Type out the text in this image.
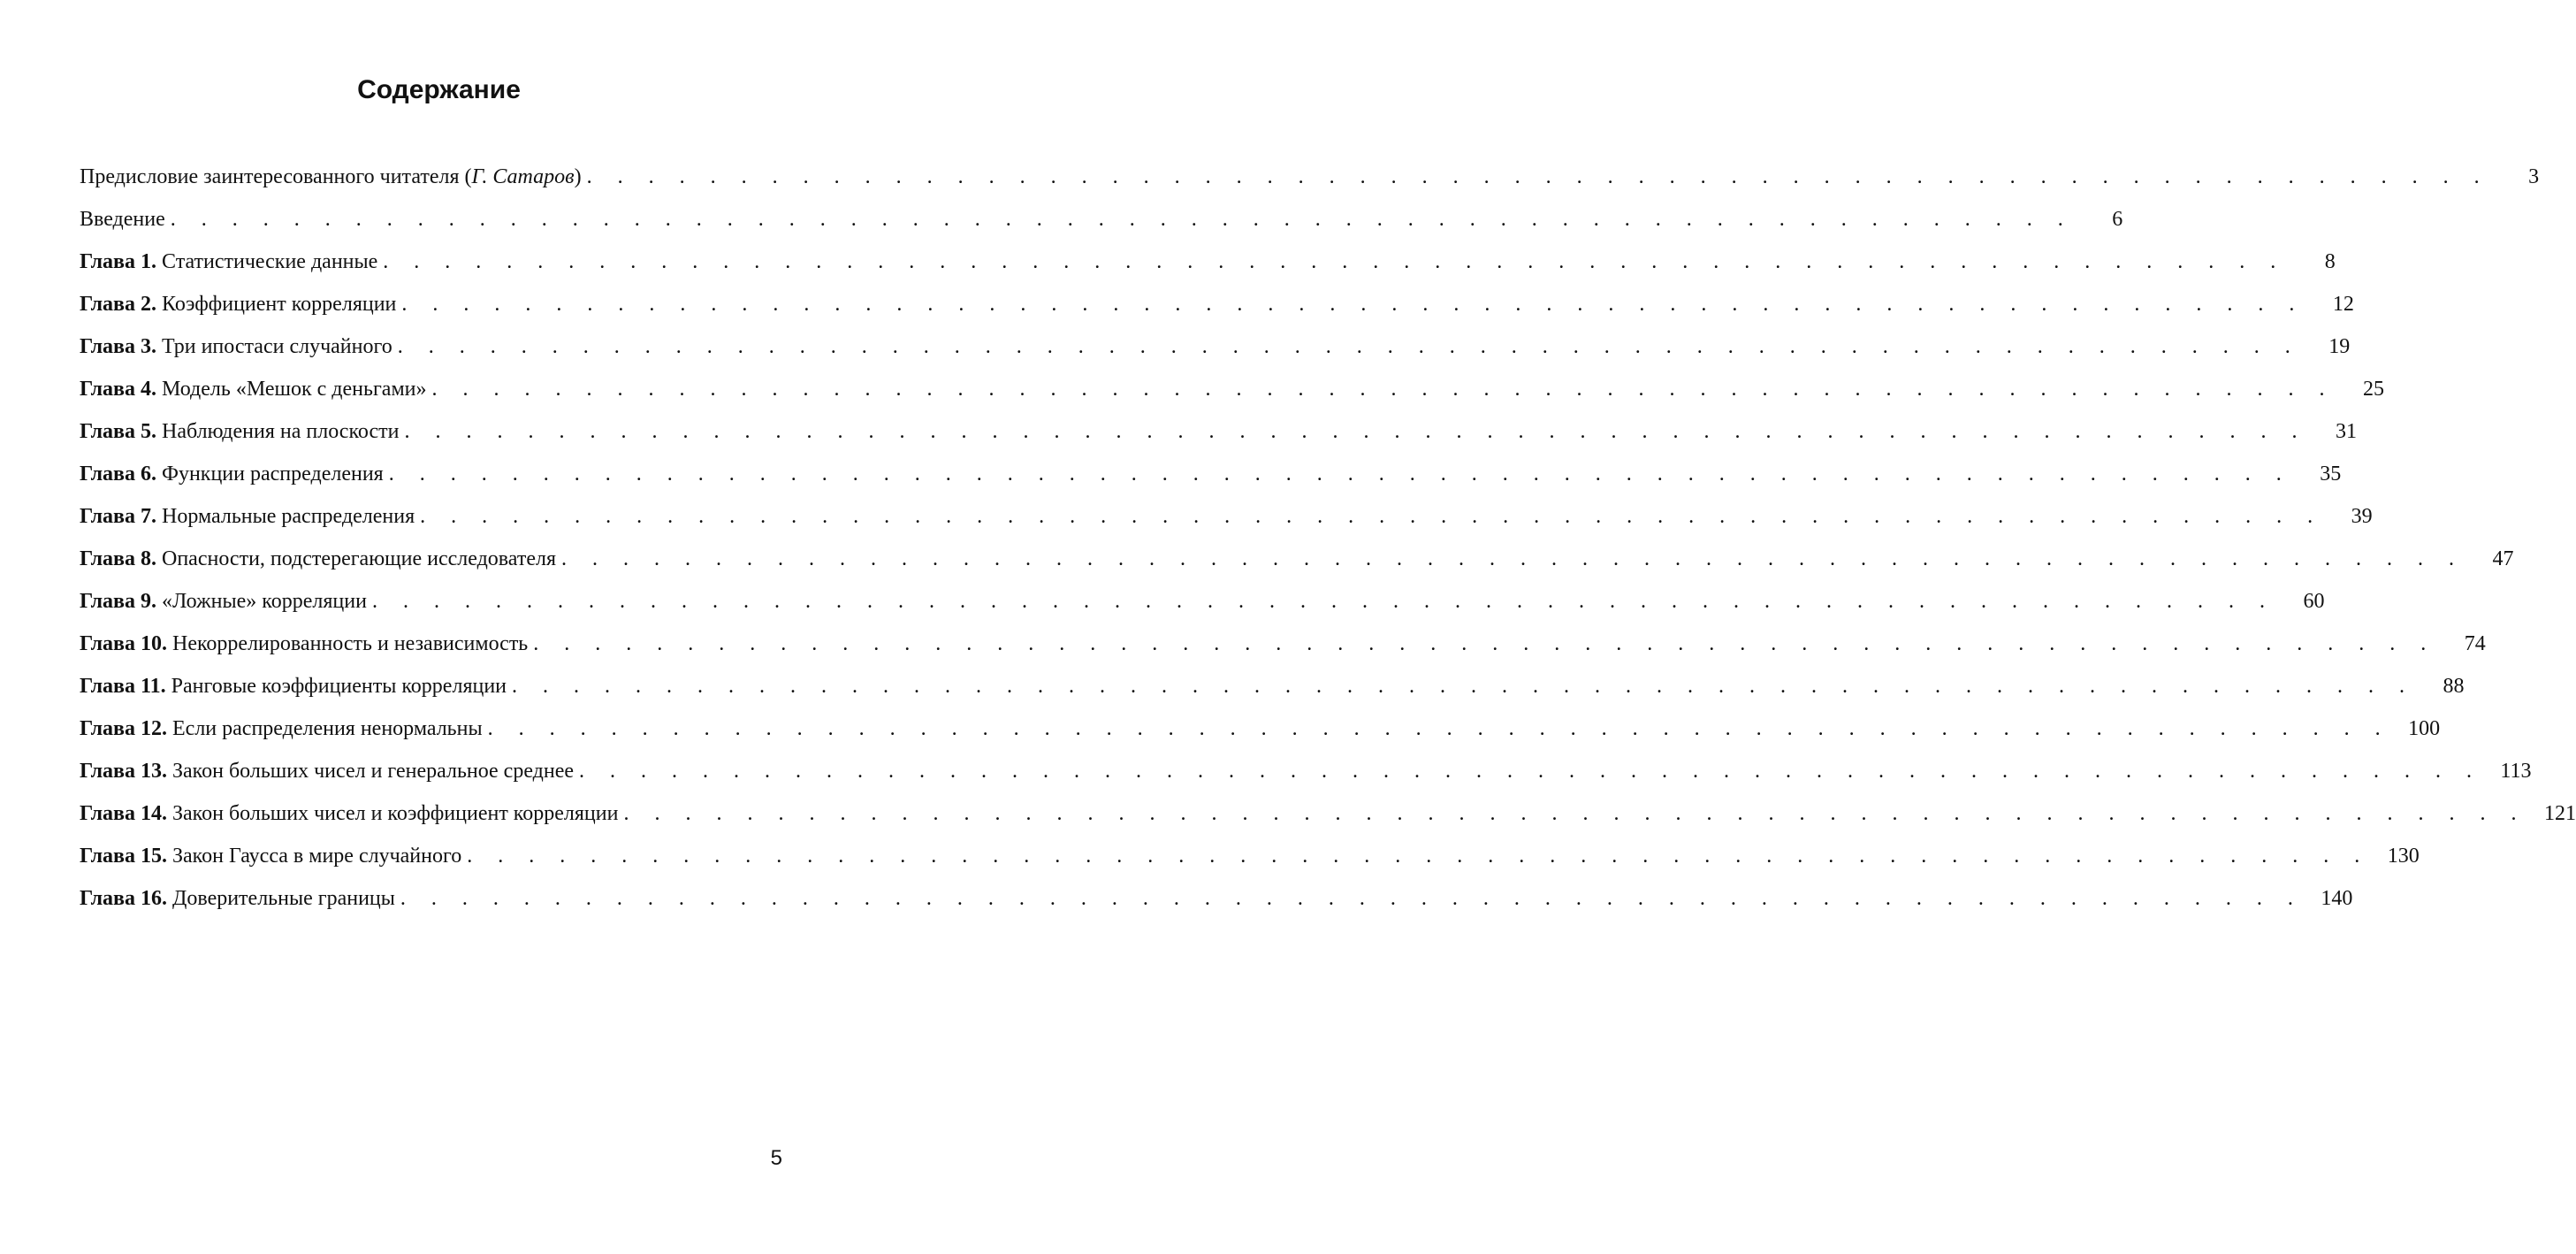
Содержание
Предисловие заинтересованного читателя (Г. Сатаров) . . . . . . . . . . . . . . . . . . . . . . . . . . . . . . . . . . . . . . . . . . . . . . . . . . . . . . . . . . . . . .	3
Введение . . . . . . . . . . . . . . . . . . . . . . . . . . . . . . . . . . . . . . . . . . . . . . . . . . . . . . . . . . . . . .	6
Глава 1. Статистические данные . . . . . . . . . . . . . . . . . . . . . . . . . . . . . . . . . . . . . . . . . . . . . . . . . . . . . . . . . . . . . .	8
Глава 2. Коэффициент корреляции . . . . . . . . . . . . . . . . . . . . . . . . . . . . . . . . . . . . . . . . . . . . . . . . . . . . . . . . . . . . . .	12
Глава 3. Три ипостаси случайного . . . . . . . . . . . . . . . . . . . . . . . . . . . . . . . . . . . . . . . . . . . . . . . . . . . . . . . . . . . . . .	19
Глава 4. Модель «Мешок с деньгами» . . . . . . . . . . . . . . . . . . . . . . . . . . . . . . . . . . . . . . . . . . . . . . . . . . . . . . . . . . . . . .	25
Глава 5. Наблюдения на плоскости . . . . . . . . . . . . . . . . . . . . . . . . . . . . . . . . . . . . . . . . . . . . . . . . . . . . . . . . . . . . . .	31
Глава 6. Функции распределения . . . . . . . . . . . . . . . . . . . . . . . . . . . . . . . . . . . . . . . . . . . . . . . . . . . . . . . . . . . . . .	35
Глава 7. Нормальные распределения . . . . . . . . . . . . . . . . . . . . . . . . . . . . . . . . . . . . . . . . . . . . . . . . . . . . . . . . . . . . . .	39
Глава 8. Опасности, подстерегающие исследователя . . . . . . . . . . . . . . . . . . . . . . . . . . . . . . . . . . . . . . . . . . . . . . . . . . . . . . . . . . . . . .	47
Глава 9. «Ложные» корреляции . . . . . . . . . . . . . . . . . . . . . . . . . . . . . . . . . . . . . . . . . . . . . . . . . . . . . . . . . . . . . .	60
Глава 10. Некоррелированность и независимость . . . . . . . . . . . . . . . . . . . . . . . . . . . . . . . . . . . . . . . . . . . . . . . . . . . . . . . . . . . . . .	74
Глава 11. Ранговые коэффициенты корреляции . . . . . . . . . . . . . . . . . . . . . . . . . . . . . . . . . . . . . . . . . . . . . . . . . . . . . . . . . . . . . .	88
Глава 12. Если распределения ненормальны . . . . . . . . . . . . . . . . . . . . . . . . . . . . . . . . . . . . . . . . . . . . . . . . . . . . . . . . . . . . . . 100
Глава 13. Закон больших чисел и генеральное среднее . . . . . . . . . . . . . . . . . . . . . . . . . . . . . . . . . . . . . . . . . . . . . . . . . . . . . . . . . . . . . . 113
Глава 14. Закон больших чисел и коэффициент корреляции . . . . . . . . . . . . . . . . . . . . . . . . . . . . . . . . . . . . . . . . . . . . . . . . . . . . . . . . . . . . . . 121
Глава 15. Закон Гаусса в мире случайного . . . . . . . . . . . . . . . . . . . . . . . . . . . . . . . . . . . . . . . . . . . . . . . . . . . . . . . . . . . . . . 130
Глава 16. Доверительные границы . . . . . . . . . . . . . . . . . . . . . . . . . . . . . . . . . . . . . . . . . . . . . . . . . . . . . . . . . . . . . . 140
5
